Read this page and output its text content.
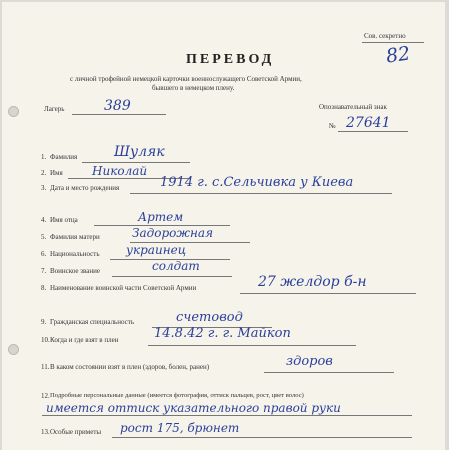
Сов. секретно
82
ПЕРЕВОД
с личной трофейной немецкой карточки военнослужащего Советской Армии,
бывшего в немецком плену.
Лагерь	389	Опознавательный знак
№ 27641
1. Фамилия	Шуляк
2. Имя Николай
3. Дата и место рождения	1914 г. с.Сельчивка у Киева
4. Имя отца	Артем
5. Фамилия матери	Задорожная
6. Национальность украинец
7. Воинское звание	солдат
8. Наименование воинской части Советской Армии	27 желдор б-н
9. Гражданская специальность	счетовод
10. Когда и где взят в плен	14.8.42 г. г. Майкоп
11. В каком состоянии взят в плен (здоров, болен, ранен)	здоров
12. Подробные персональные данные (имеется фотография, оттиск пальцев, рост, цвет волос)
имеется оттиск указательного правой руки
13. Особые приметы рост 175, брюнет
